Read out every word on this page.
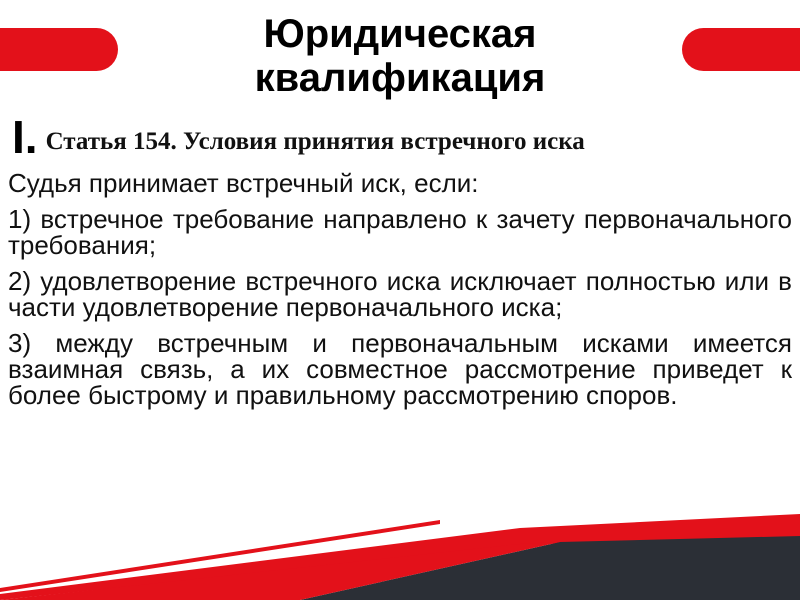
Юридическая
квалификация
I. Статья 154. Условия принятия встречного иска

Судья принимает встречный иск, если:

1) встречное требование направлено к зачету первоначального требования;

2) удовлетворение встречного иска исключает полностью или в части удовлетворение первоначального иска;

3) между встречным и первоначальным исками имеется взаимная связь, а их совместное рассмотрение приведет к более быстрому и правильному рассмотрению споров.
